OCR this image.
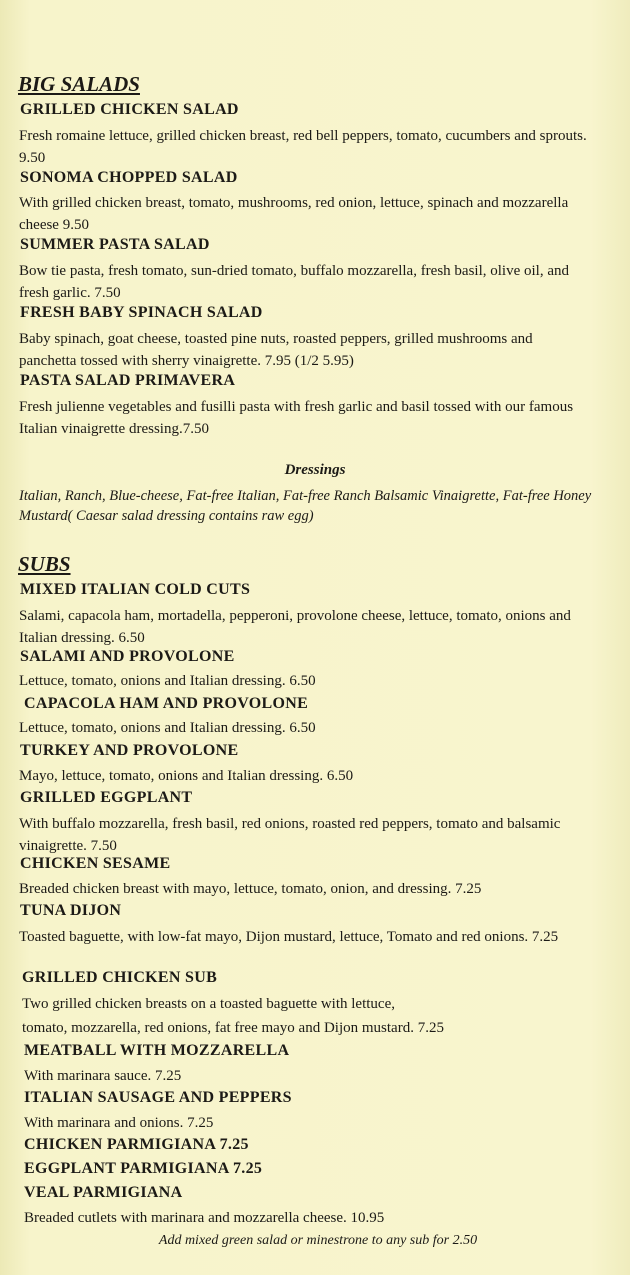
BIG SALADS
GRILLED CHICKEN SALAD
Fresh romaine lettuce, grilled chicken breast, red bell peppers, tomato, cucumbers and sprouts. 9.50
SONOMA CHOPPED SALAD
With grilled chicken breast, tomato, mushrooms, red onion, lettuce, spinach and mozzarella cheese 9.50
SUMMER PASTA SALAD
Bow tie pasta, fresh tomato, sun-dried tomato, buffalo mozzarella, fresh basil, olive oil, and fresh garlic. 7.50
FRESH BABY SPINACH SALAD
Baby spinach, goat cheese, toasted pine nuts, roasted peppers, grilled mushrooms and panchetta tossed with sherry vinaigrette. 7.95 (1/2 5.95)
PASTA SALAD PRIMAVERA
Fresh julienne vegetables and fusilli pasta with fresh garlic and basil tossed with our famous Italian vinaigrette dressing.7.50
Dressings
Italian, Ranch, Blue-cheese, Fat-free Italian, Fat-free Ranch Balsamic Vinaigrette, Fat-free Honey Mustard( Caesar salad dressing contains raw egg)
SUBS
MIXED ITALIAN COLD CUTS
Salami, capacola ham, mortadella, pepperoni, provolone cheese, lettuce, tomato, onions and Italian dressing. 6.50
SALAMI AND PROVOLONE
Lettuce, tomato, onions and Italian dressing. 6.50
CAPACOLA HAM AND PROVOLONE
Lettuce, tomato, onions and Italian dressing. 6.50
TURKEY AND PROVOLONE
Mayo, lettuce, tomato, onions and Italian dressing. 6.50
GRILLED EGGPLANT
With buffalo mozzarella, fresh basil, red onions, roasted red peppers, tomato and balsamic vinaigrette. 7.50
CHICKEN SESAME
Breaded chicken breast with mayo, lettuce, tomato, onion, and dressing. 7.25
TUNA DIJON
Toasted baguette, with low-fat mayo, Dijon mustard, lettuce, Tomato and red onions. 7.25
GRILLED CHICKEN SUB
Two grilled chicken breasts on a toasted baguette with lettuce,
tomato, mozzarella, red onions, fat free mayo and Dijon mustard. 7.25
MEATBALL WITH MOZZARELLA
With marinara sauce. 7.25
ITALIAN SAUSAGE AND PEPPERS
With marinara and onions. 7.25
CHICKEN PARMIGIANA 7.25
EGGPLANT PARMIGIANA 7.25
VEAL PARMIGIANA
Breaded cutlets with marinara and mozzarella cheese. 10.95
Add mixed green salad or minestrone to any sub for 2.50
